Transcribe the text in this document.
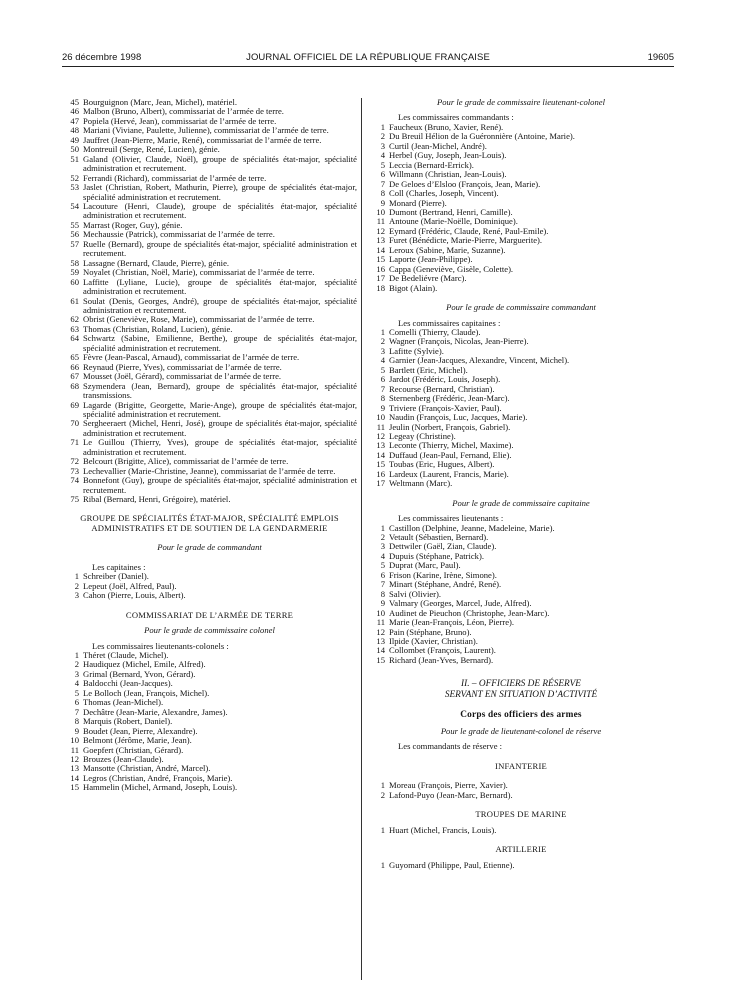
26 décembre 1998	JOURNAL OFFICIEL DE LA RÉPUBLIQUE FRANÇAISE	19605
45 Bourguignon (Marc, Jean, Michel), matériel.
46 Malbon (Bruno, Albert), commissariat de l’armée de terre.
47 Popiela (Hervé, Jean), commissariat de l’armée de terre.
48 Mariani (Viviane, Paulette, Julienne), commissariat de l’armée de terre.
49 Jauffret (Jean-Pierre, Marie, René), commissariat de l’armée de terre.
50 Montreuil (Serge, René, Lucien), génie.
51 Galand (Olivier, Claude, Noël), groupe de spécialités état-major, spécialité administration et recrutement.
52 Ferrandi (Richard), commissariat de l’armée de terre.
53 Jaslet (Christian, Robert, Mathurin, Pierre), groupe de spécialités état-major, spécialité administration et recrutement.
54 Lacouture (Henri, Claude), groupe de spécialités état-major, spécialité administration et recrutement.
55 Marrast (Roger, Guy), génie.
56 Mechaussie (Patrick), commissariat de l’armée de terre.
57 Ruelle (Bernard), groupe de spécialités état-major, spécialité administration et recrutement.
58 Lassagne (Bernard, Claude, Pierre), génie.
59 Noyalet (Christian, Noël, Marie), commissariat de l’armée de terre.
60 Laffitte (Lyliane, Lucie), groupe de spécialités état-major, spécialité administration et recrutement.
61 Soulat (Denis, Georges, André), groupe de spécialités état-major, spécialité administration et recrutement.
62 Obrist (Geneviève, Rose, Marie), commissariat de l’armée de terre.
63 Thomas (Christian, Roland, Lucien), génie.
64 Schwartz (Sabine, Emilienne, Berthe), groupe de spécialités état-major, spécialité administration et recrutement.
65 Fèvre (Jean-Pascal, Arnaud), commissariat de l’armée de terre.
66 Reynaud (Pierre, Yves), commissariat de l’armée de terre.
67 Mousset (Joël, Gérard), commissariat de l’armée de terre.
68 Szymendera (Jean, Bernard), groupe de spécialités état-major, spécialité transmissions.
69 Lagarde (Brigitte, Georgette, Marie-Ange), groupe de spécialités état-major, spécialité administration et recrutement.
70 Sergheeraert (Michel, Henri, José), groupe de spécialités état-major, spécialité administration et recrutement.
71 Le Guillou (Thierry, Yves), groupe de spécialités état-major, spécialité administration et recrutement.
72 Belcourt (Brigitte, Alice), commissariat de l’armée de terre.
73 Lechevallier (Marie-Christine, Jeanne), commissariat de l’armée de terre.
74 Bonnefont (Guy), groupe de spécialités état-major, spécialité administration et recrutement.
75 Ribal (Bernard, Henri, Grégoire), matériel.
GROUPE DE SPÉCIALITÉS ÉTAT-MAJOR, SPÉCIALITÉ EMPLOIS ADMINISTRATIFS ET DE SOUTIEN DE LA GENDARMERIE
Pour le grade de commandant
Les capitaines :
1 Schreiber (Daniel).
2 Lepeut (Joël, Alfred, Paul).
3 Cahon (Pierre, Louis, Albert).
COMMISSARIAT DE L’ARMÉE DE TERRE
Pour le grade de commissaire colonel
Les commissaires lieutenants-colonels :
1 Théret (Claude, Michel).
2 Haudiquez (Michel, Emile, Alfred).
3 Grimal (Bernard, Yvon, Gérard).
4 Baldocchi (Jean-Jacques).
5 Le Bolloch (Jean, François, Michel).
6 Thomas (Jean-Michel).
7 Dechâtre (Jean-Marie, Alexandre, James).
8 Marquis (Robert, Daniel).
9 Boudet (Jean, Pierre, Alexandre).
10 Belmont (Jérôme, Marie, Jean).
11 Goepfert (Christian, Gérard).
12 Brouzes (Jean-Claude).
13 Mansotte (Christian, André, Marcel).
14 Legros (Christian, André, François, Marie).
15 Hammelin (Michel, Armand, Joseph, Louis).
Pour le grade de commissaire lieutenant-colonel
Les commissaires commandants :
1 Faucheux (Bruno, Xavier, René).
2 Du Breuil Hélion de la Guéronnière (Antoine, Marie).
3 Curtil (Jean-Michel, André).
4 Herbel (Guy, Joseph, Jean-Louis).
5 Leccia (Bernard-Errick).
6 Willmann (Christian, Jean-Louis).
7 De Geloes d’Elsloo (François, Jean, Marie).
8 Coll (Charles, Joseph, Vincent).
9 Monard (Pierre).
10 Dumont (Bertrand, Henri, Camille).
11 Antoune (Marie-Noëlle, Dominique).
12 Eymard (Frédéric, Claude, René, Paul-Emile).
13 Furet (Bénédicte, Marie-Pierre, Marguerite).
14 Leroux (Sabine, Marie, Suzanne).
15 Laporte (Jean-Philippe).
16 Cappa (Geneviève, Gisèle, Colette).
17 De Bedeliévre (Marc).
18 Bigot (Alain).
Pour le grade de commissaire commandant
Les commissaires capitaines :
1 Comelli (Thierry, Claude).
2 Wagner (François, Nicolas, Jean-Pierre).
3 Lafitte (Sylvie).
4 Garnier (Jean-Jacques, Alexandre, Vincent, Michel).
5 Bartlett (Eric, Michel).
6 Jardot (Frédéric, Louis, Joseph).
7 Recourse (Bernard, Christian).
8 Sternenberg (Frédéric, Jean-Marc).
9 Triviere (François-Xavier, Paul).
10 Naudin (François, Luc, Jacques, Marie).
11 Jeulin (Norbert, François, Gabriel).
12 Legeay (Christine).
13 Leconte (Thierry, Michel, Maxime).
14 Duffaud (Jean-Paul, Fernand, Elie).
15 Toubas (Eric, Hugues, Albert).
16 Lardeux (Laurent, Francis, Marie).
17 Weltmann (Marc).
Pour le grade de commissaire capitaine
Les commissaires lieutenants :
1 Castillon (Delphine, Jeanne, Madeleine, Marie).
2 Vetault (Sébastien, Bernard).
3 Dettwiler (Gaël, Zian, Claude).
4 Dupuis (Stéphane, Patrick).
5 Duprat (Marc, Paul).
6 Frison (Karine, Irène, Simone).
7 Minart (Stéphane, André, René).
8 Salvi (Olivier).
9 Valmary (Georges, Marcel, Jude, Alfred).
10 Audinet de Pieuchon (Christophe, Jean-Marc).
11 Marie (Jean-François, Léon, Pierre).
12 Pain (Stéphane, Bruno).
13 Ilpide (Xavier, Christian).
14 Collombet (François, Laurent).
15 Richard (Jean-Yves, Bernard).
II. – OFFICIERS DE RÉSERVE
SERVANT EN SITUATION D’ACTIVITÉ
Corps des officiers des armes
Pour le grade de lieutenant-colonel de réserve
Les commandants de réserve :
INFANTERIE
1 Moreau (François, Pierre, Xavier).
2 Lafond-Puyo (Jean-Marc, Bernard).
TROUPES DE MARINE
1 Huart (Michel, Francis, Louis).
ARTILLERIE
1 Guyomard (Philippe, Paul, Etienne).
